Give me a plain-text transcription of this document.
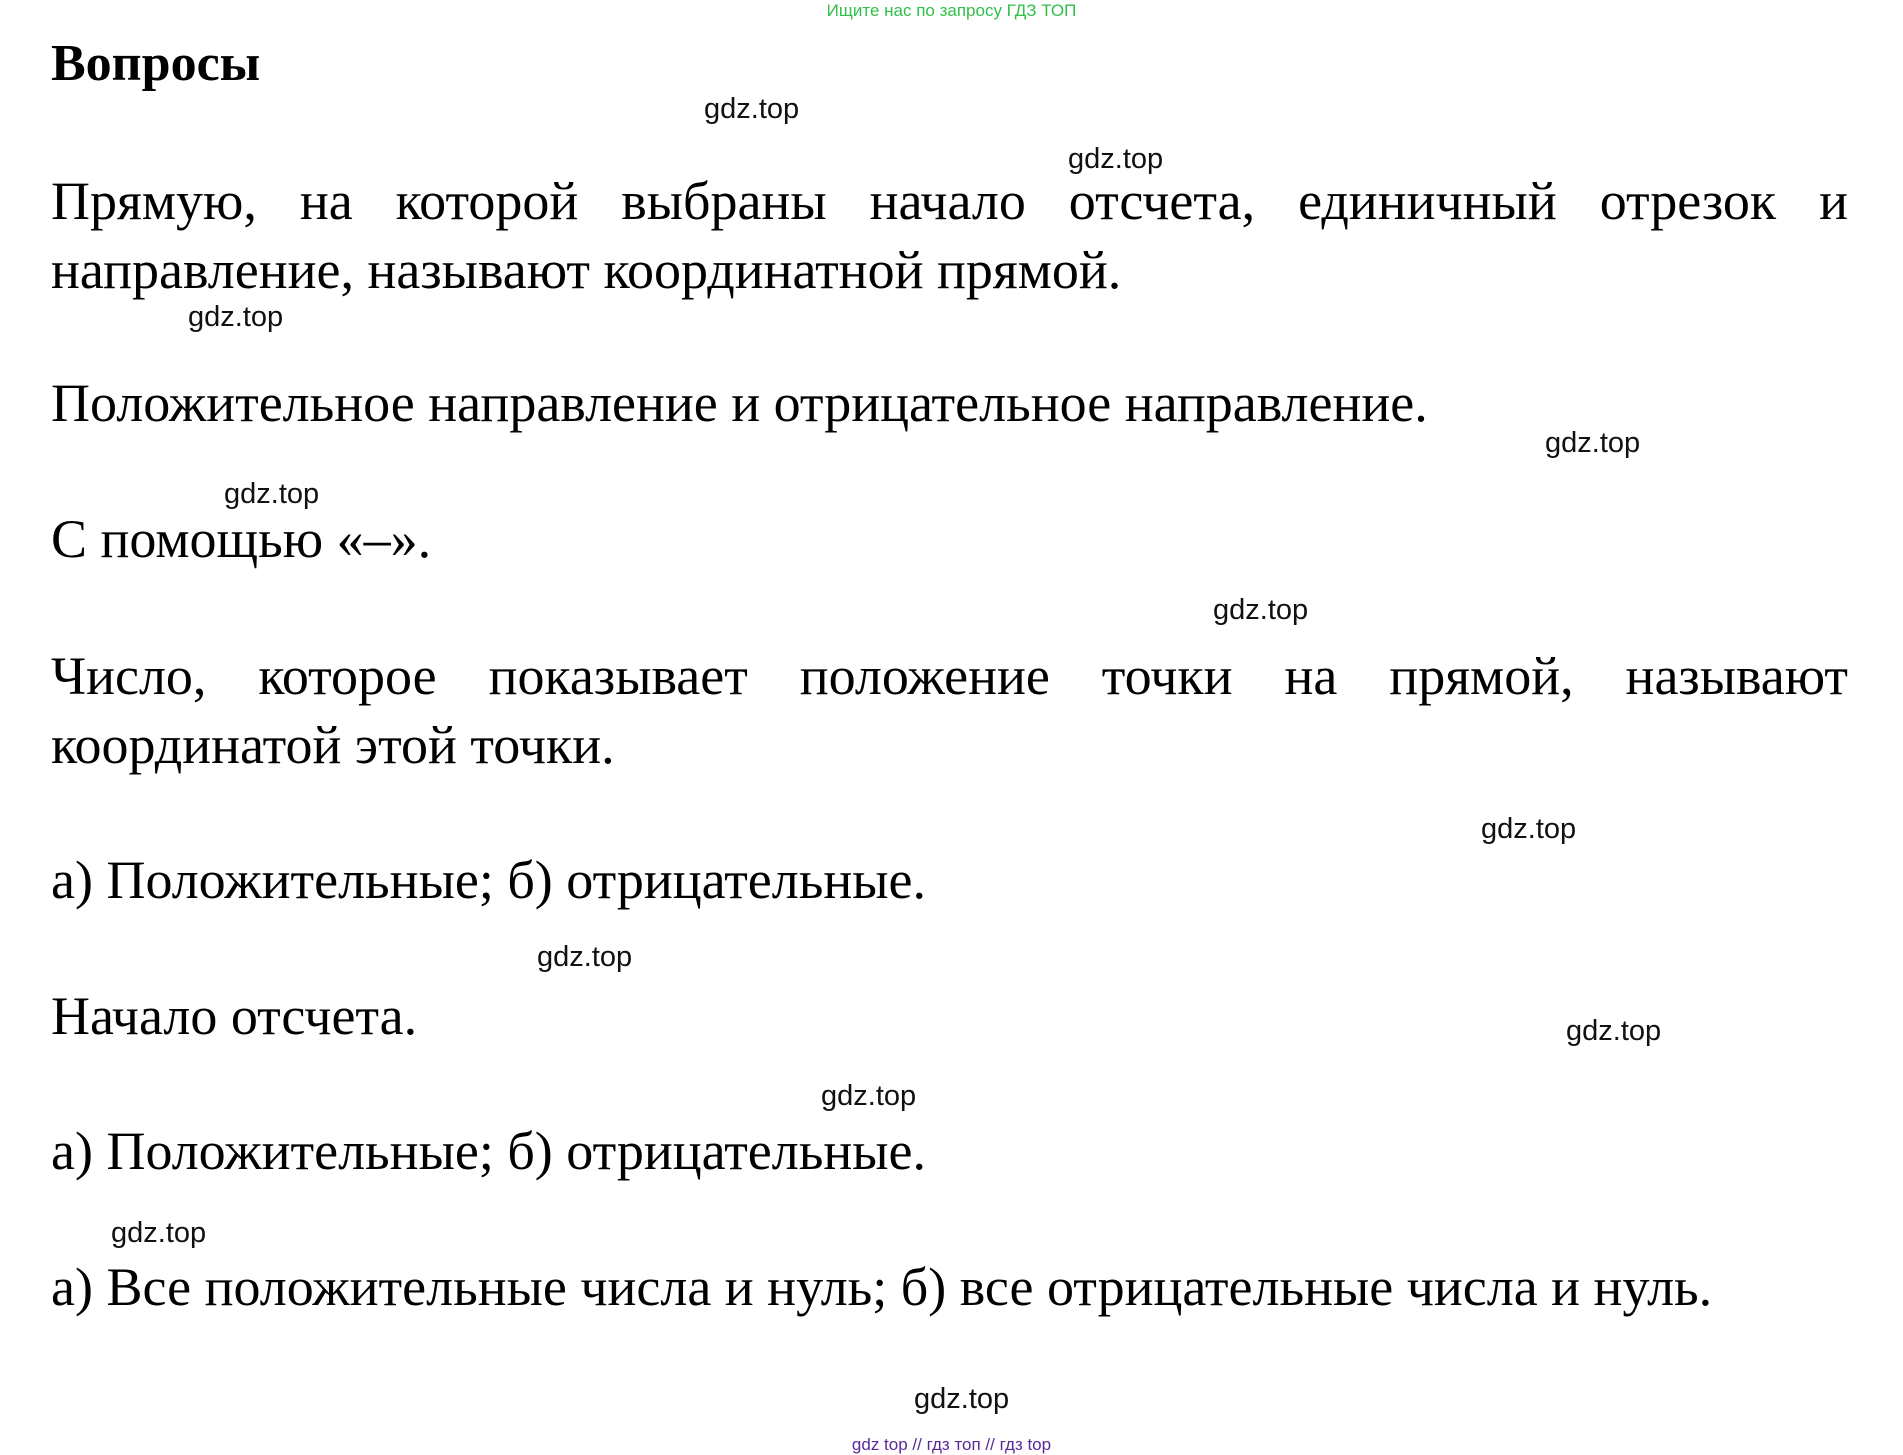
Ищите нас по запросу ГДЗ ТОП
Вопросы

Прямую, на которой выбраны начало отсчета, единичный отрезок и направление, называют координатной прямой.

Положительное направление и отрицательное направление.

С помощью «–».

Число, которое показывает положение точки на прямой, называют координатой этой точки.

а) Положительные; б) отрицательные.

Начало отсчета.

а) Положительные; б) отрицательные.

а) Все положительные числа и нуль; б) все отрицательные числа и нуль.

gdz.top
gdz.top
gdz.top
gdz.top
gdz.top
gdz.top
gdz.top
gdz.top
gdz.top
gdz.top
gdz.top
gdz.top
gdz top // гдз топ // гдз top
